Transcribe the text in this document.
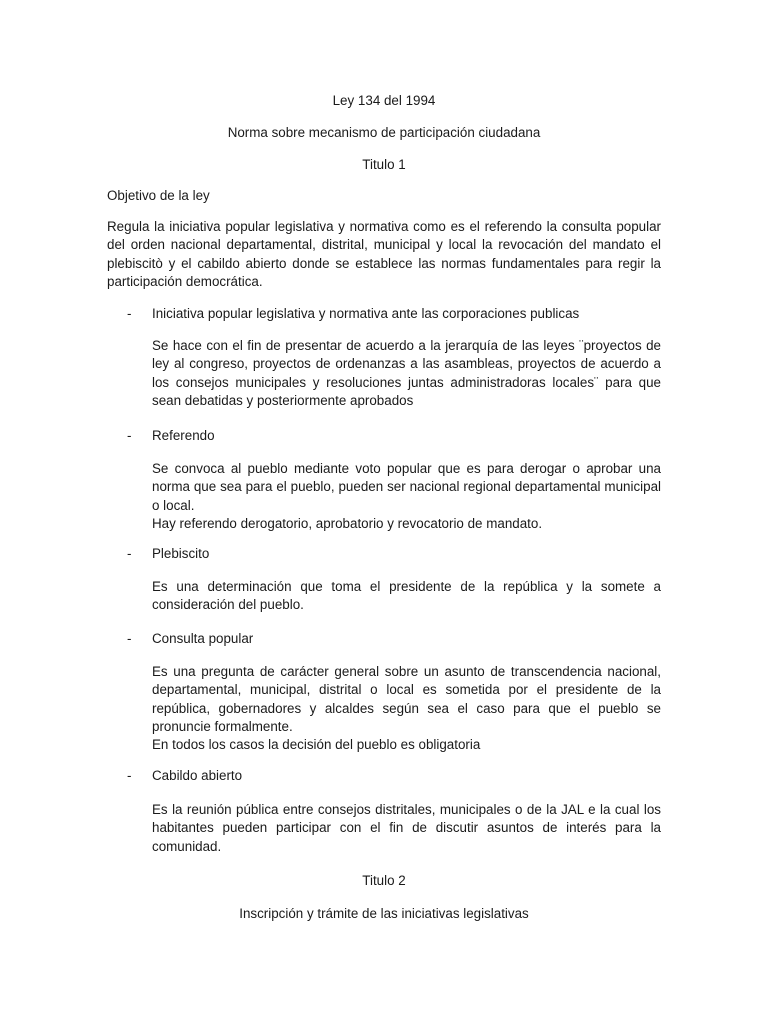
Ley 134 del 1994
Norma sobre mecanismo de participación ciudadana
Titulo 1
Objetivo de la ley

Regula la iniciativa popular legislativa y normativa como es el referendo la consulta popular del orden nacional departamental, distrital, municipal y local la revocación del mandato el plebiscitò y el cabildo abierto donde se establece las normas fundamentales para regir la participación democrática.

- Iniciativa popular legislativa y normativa ante las corporaciones publicas

Se hace con el fin de presentar de acuerdo a la jerarquía de las leyes ¨proyectos de ley al congreso, proyectos de ordenanzas a las asambleas, proyectos de acuerdo a los consejos municipales y resoluciones juntas administradoras locales¨ para que sean debatidas y posteriormente aprobados

- Referendo

Se convoca al pueblo mediante voto popular que es para derogar o aprobar una norma que sea para el pueblo, pueden ser nacional regional departamental municipal o local.
Hay referendo derogatorio, aprobatorio y revocatorio de mandato.

- Plebiscito

Es una determinación que toma el presidente de la república y la somete a consideración del pueblo.

- Consulta popular

Es una pregunta de carácter general sobre un asunto de transcendencia nacional, departamental, municipal, distrital o local es sometida por el presidente de la república, gobernadores y alcaldes según sea el caso para que el pueblo se pronuncie formalmente.
En todos los casos la decisión del pueblo es obligatoria

- Cabildo abierto

Es la reunión pública entre consejos distritales, municipales o de la JAL e la cual los habitantes pueden participar con el fin de discutir asuntos de interés para la comunidad.

Titulo 2
Inscripción y trámite de las iniciativas legislativas
